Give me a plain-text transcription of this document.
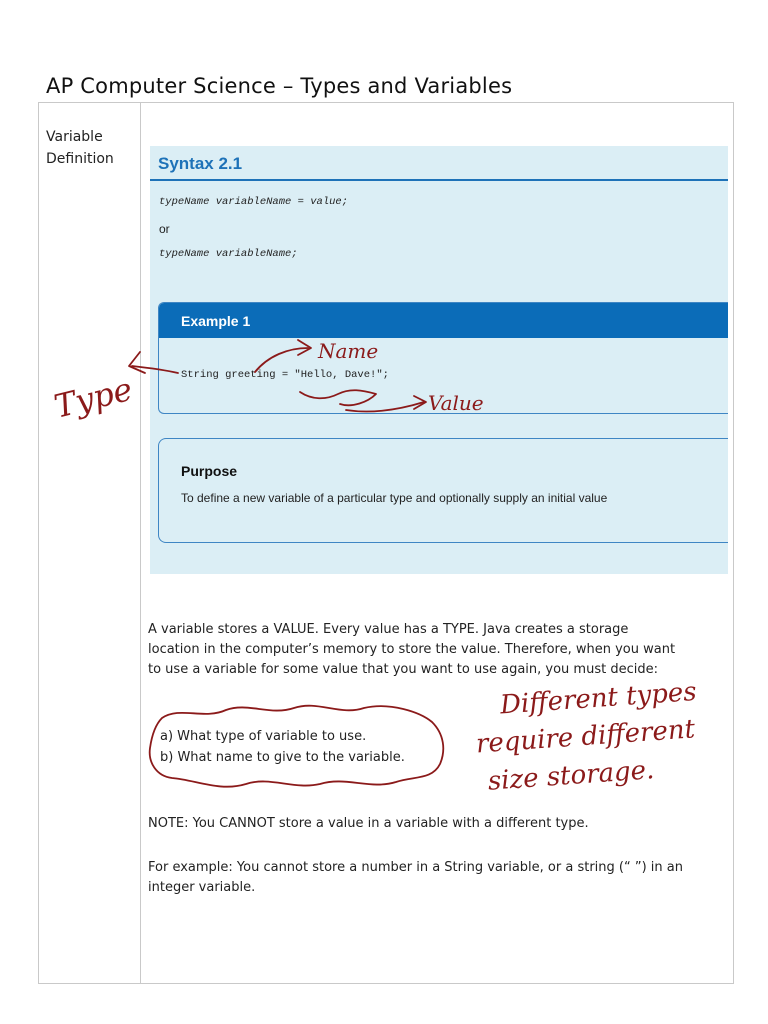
AP Computer Science – Types and Variables
Variable
Definition	Syntax 2.1
typeName variableName = value;
or
typeName variableName;
Example 1
String greeting = "Hello, Dave!";
Purpose
To define a new variable of a particular type and optionally supply an initial value
A variable stores a VALUE. Every value has a TYPE. Java creates a storage
location in the computer’s memory to store the value. Therefore, when you want
to use a variable for some value that you want to use again, you must decide:
a) What type of variable to use.
b) What name to give to the variable.
NOTE: You CANNOT store a value in a variable with a different type.
For example: You cannot store a number in a String variable, or a string (“ ”) in an
integer variable.
Type
Name
Value
Different types
require different
size storage.
